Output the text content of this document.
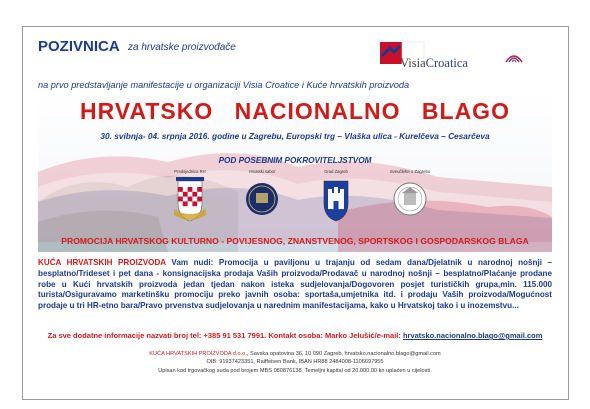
POZIVNICA za hrvatske proizvođače
VisiaCroatica
na prvo predstavljanje manifestacije u organizaciji Visia Croatice i Kuće hrvatskih proizvoda
HRVATSKO NACIONALNO BLAGO
30. svibnja- 04. srpnja 2016. godine u Zagrebu, Europski trg – Vlaška ulica - Kurelčeva – Cesarčeva
POD POSEBNIM POKROVITELJSTVOM
Predsjednica RH	Hrvatski sabor	Grad Zagreb	Sveučilište u Zagrebu
PROMOCIJA HRVATSKOG KULTURNO - POVIJESNOG, ZNANSTVENOG, SPORTSKOG I GOSPODARSKOG BLAGA
KUĆA HRVATSKIH PROIZVODA Vam nudi: Promocija u paviljonu u trajanju od sedam dana/Djelatnik u narodnoj nošnji – besplatno/Trideset i pet dana - konsignacijska prodaja Vaših proizvoda/Prodavač u narodnoj nošnji – besplatno/Plaćanje prodane robe u Kući hrvatskih proizvoda jedan tjedan nakon isteka sudjelovanja/Dogovoren posjet turističkih grupa,min. 115.000 turista/Osiguravamo marketinšku promociju preko javnih osoba: sportaša,umjetnika itd. i prodaju Vaših proizvoda/Mogućnost prodaje u tri HR-etno bara/Pravo prvenstva sudjelovanja u narednim manifestacijama, kako u Hrvatskoj tako i u inozemstvu...
Za sve dodatne informacije nazvati broj tel: +385 91 531 7991. Kontakt osoba: Marko Jelušić/e-mail: hrvatsko.nacionalno.blago@gmail.com
KUĆA HRVATSKIH PROIZVODA d.o.o., Savska opatovina 36, 10 090 Zagreb, hrvatsko.nacionalno.blago@gmail.com
OIB: 91937423351, Raiffeisen Bank, IBAN HR88 2484008-1106697955
Upisan kod trgovačkog suda pod brojem MBS 080876138. Temeljni kapital od 20.000,00 kn uplaćen u cijelosti.
